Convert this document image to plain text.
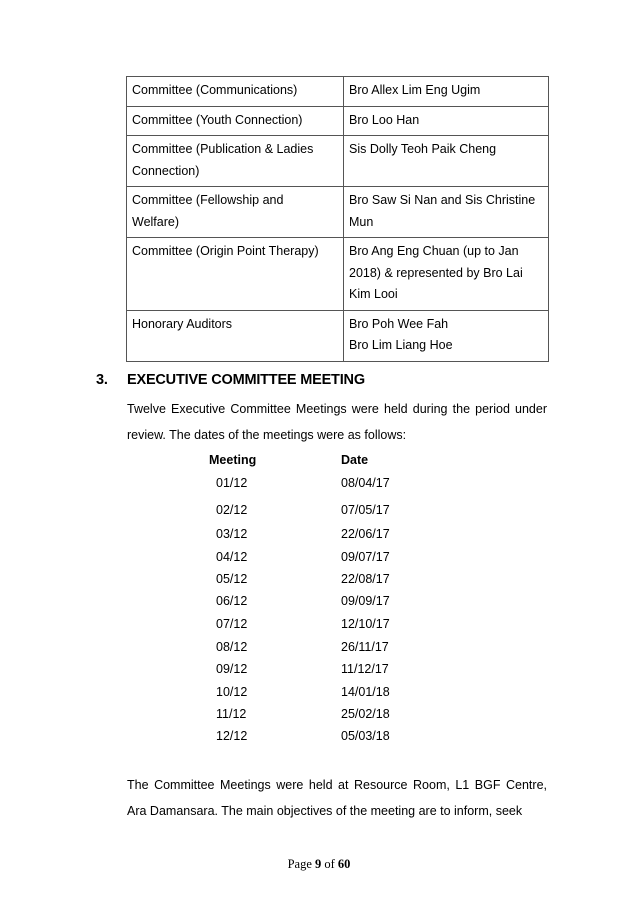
Committee (Communications)	Bro Allex Lim Eng Ugim

Committee (Youth Connection)	Bro Loo Han

Committee (Publication & Ladies
Connection)	Sis Dolly Teoh Paik Cheng

Committee (Fellowship and
Welfare)	Bro Saw Si Nan and Sis Christine
Mun

Committee (Origin Point Therapy)	Bro Ang Eng Chuan (up to Jan
2018) & represented by Bro Lai
Kim Looi

Honorary Auditors	Bro Poh Wee Fah
Bro Lim Liang Hoe
3. EXECUTIVE COMMITTEE MEETING
Twelve Executive Committee Meetings were held during the period under review. The dates of the meetings were as follows:
Meeting	Date
01/12	08/04/17
02/12	07/05/17
03/12	22/06/17
04/12	09/07/17
05/12	22/08/17
06/12	09/09/17
07/12	12/10/17
08/12	26/11/17
09/12	11/12/17
10/12	14/01/18
11/12	25/02/18
12/12	05/03/18
The Committee Meetings were held at Resource Room, L1 BGF Centre, Ara Damansara. The main objectives of the meeting are to inform, seek
Page 9 of 60
